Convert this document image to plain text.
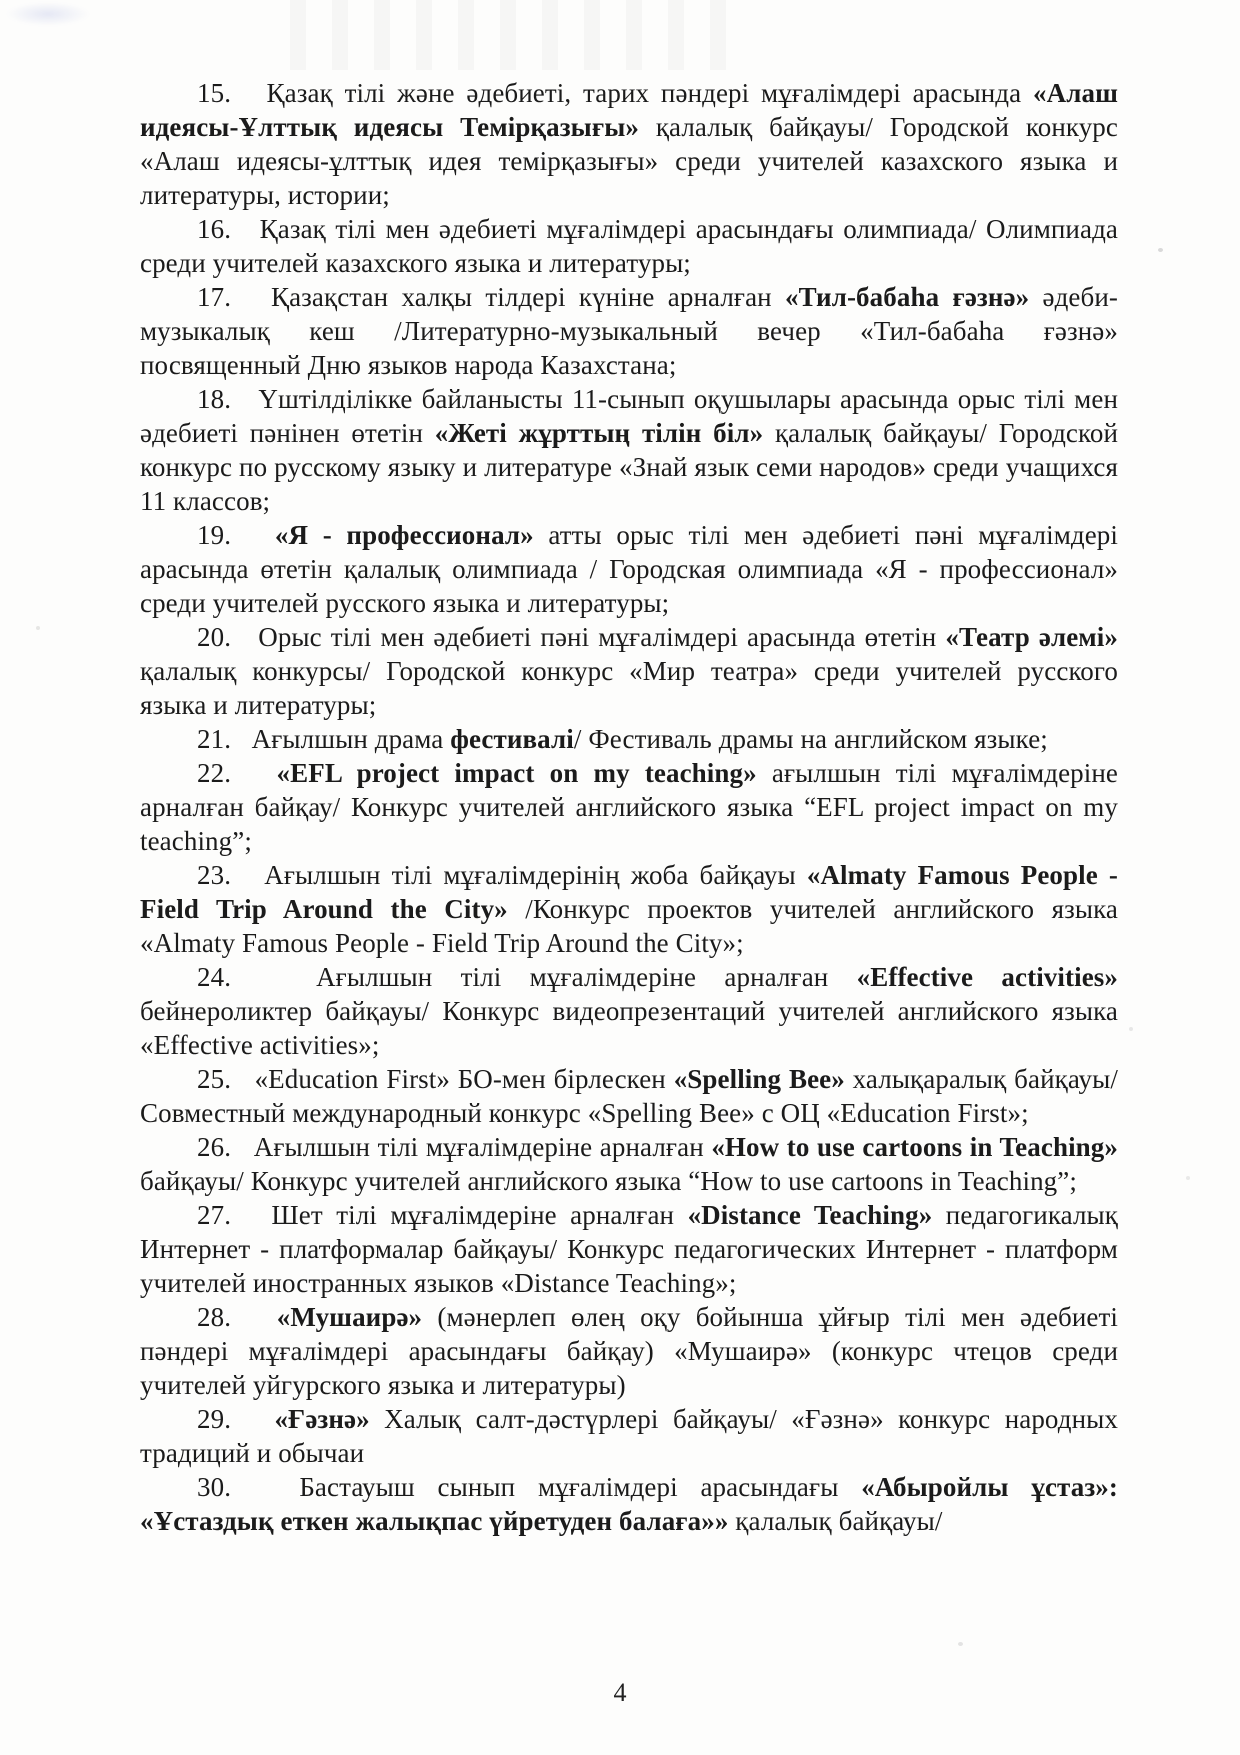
15. Қазақ тілі және әдебиеті, тарих пәндері мұғалімдері арасында «Алаш идеясы-Ұлттық идеясы Темірқазығы» қалалық байқауы/ Городской конкурс «Алаш идеясы-ұлттық идея темірқазығы» среди учителей казахского языка и литературы, истории;

16. Қазақ тілі мен әдебиеті мұғалімдері арасындағы олимпиада/ Олимпиада среди учителей казахского языка и литературы;

17. Қазақстан халқы тілдері күніне арналған «Тил-бабаһа ғәзнә» әдеби-музыкалық кеш /Литературно-музыкальный вечер «Тил-бабаһа ғәзнә» посвященный Дню языков народа Казахстана;

18. Үштілділікке байланысты 11-сынып оқушылары арасында орыс тілі мен әдебиеті пәнінен өтетін «Жеті жұрттың тілін біл» қалалық байқауы/ Городской конкурс по русскому языку и литературе «Знай язык семи народов» среди учащихся 11 классов;

19. «Я - профессионал» атты орыс тілі мен әдебиеті пәні мұғалімдері арасында өтетін қалалық олимпиада / Городская олимпиада «Я - профессионал» среди учителей русского языка и литературы;

20. Орыс тілі мен әдебиеті пәні мұғалімдері арасында өтетін «Театр әлемі» қалалық конкурсы/ Городской конкурс «Мир театра» среди учителей русского языка и литературы;

21. Ағылшын драма фестивалі/ Фестиваль драмы на английском языке;

22. «EFL project impact on my teaching» ағылшын тілі мұғалімдеріне арналған байқау/ Конкурс учителей английского языка “EFL project impact on my teaching”;

23. Ағылшын тілі мұғалімдерінің жоба байқауы «Almaty Famous People - Field Trip Around the City» /Конкурс проектов учителей английского языка «Almaty Famous People - Field Trip Around the City»;

24.	Ағылшын тілі мұғалімдеріне арналған «Effective activities» бейнероликтер байқауы/ Конкурс видеопрезентаций учителей английского языка «Effective activities»;

25. «Education First» БО-мен бірлескен «Spelling Bee» халықаралық байқауы/Совместный международный конкурс «Spelling Bee» с ОЦ «Education First»;

26. Ағылшын тілі мұғалімдеріне арналған «How to use cartoons in Teaching» байқауы/ Конкурс учителей английского языка “How to use cartoons in Teaching”;

27. Шет тілі мұғалімдеріне арналған «Distance Teaching» педагогикалық Интернет - платформалар байқауы/ Конкурс педагогических Интернет - платформ учителей иностранных языков «Distance Teaching»;

28. «Мушаирә» (мәнерлеп өлең оқу бойынша ұйғыр тілі мен әдебиеті пәндері мұғалімдері арасындағы байқау) «Мушаирә» (конкурс чтецов среди учителей уйгурского языка и литературы)

29. «Ғәзнә» Халық салт-дәстүрлері байқауы/ «Ғәзнә» конкурс народных традиций и обычаи

30.	Бастауыш сынып мұғалімдері арасындағы «Абыройлы ұстаз»: «Ұстаздық еткен жалықпас үйретуден балаға»» қалалық байқауы/

4
